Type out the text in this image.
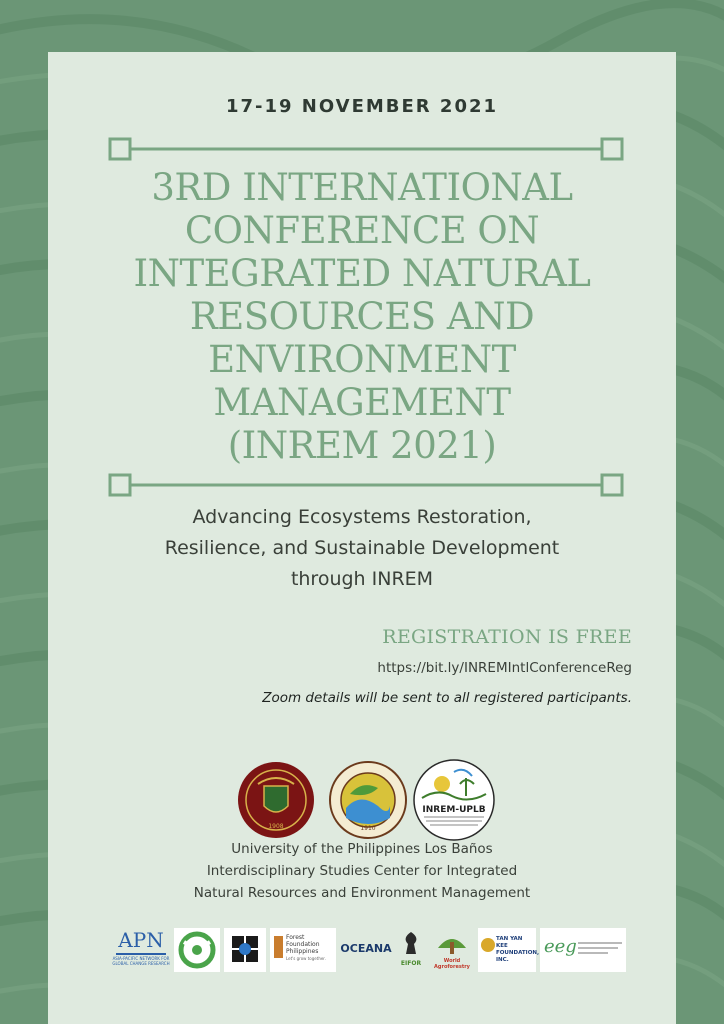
17-19 NOVEMBER 2021
3RD INTERNATIONAL
CONFERENCE ON
INTEGRATED NATURAL
RESOURCES AND
ENVIRONMENT
MANAGEMENT
(INREM 2021)
Advancing Ecosystems Restoration,
Resilience, and Sustainable Development
through INREM
REGISTRATION IS FREE
https://bit.ly/INREMIntlConferenceReg
Zoom details will be sent to all registered participants.
1908	1910
INREM-UPLB
University of the Philippines Los Baños
Interdisciplinary Studies Center for Integrated
Natural Resources and Environment Management
APN
ASIA-PACIFIC NETWORK FOR GLOBAL CHANGE RESEARCH
Forest
Foundation
Philippines
Let's grow together.
OCEANA
EIFOR	World Agroforestry
TAN YAN KEE FOUNDATION, INC.
eeg
